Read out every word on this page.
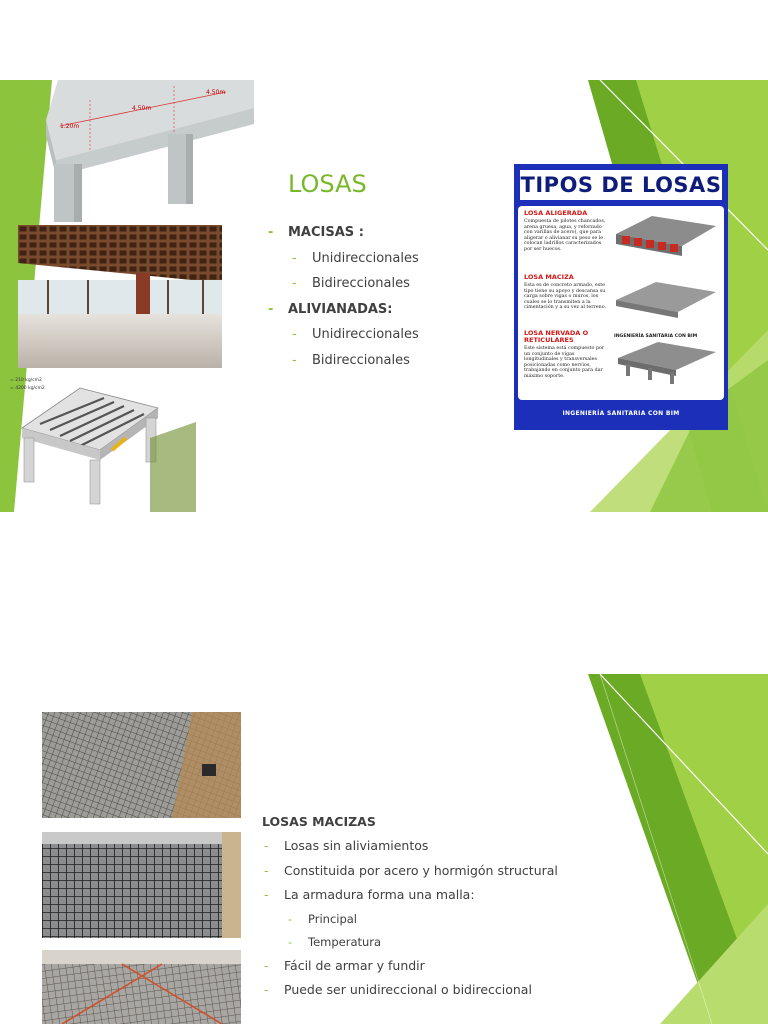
1.20m
4.50m
4.50m
= 210 kg/cm2
= 4200 kg/cm2
LOSAS
- MACISAS :
- Unidireccionales
- Bidireccionales
- ALIVIANADAS:
- Unidireccionales
- Bidireccionales
TIPOS DE LOSAS
LOSA ALIGERADA
Compuesta de pilotes chancados, arena gruesa, agua, y reforzado con varillas de acero), que para aligerar o alivianar su peso se le colocan ladrillos caracterizados por ser huecos.
LOSA MACIZA
Esta es de concreto armado, este tipo tiene su apoyo y descansa su carga sobre vigas o muros, los cuales se lo transmiten a la cimentación y a su vez al terreno.
LOSA NERVADA O RETICULARES
Este sistema está compuesto por un conjunto de vigas longitudinales y transversales posicionadas como nervios, trabajando en conjunto para dar máximo soporte.
INGENIERÍA SANITARIA CON BIM
INGENIERÍA SANITARIA CON BIM
LOSAS MACIZAS
- Losas sin aliviamientos
- Constituida por acero y hormigón structural
- La armadura forma una malla:
- Principal
- Temperatura
- Fácil de armar y fundir
- Puede ser unidireccional o bidireccional
